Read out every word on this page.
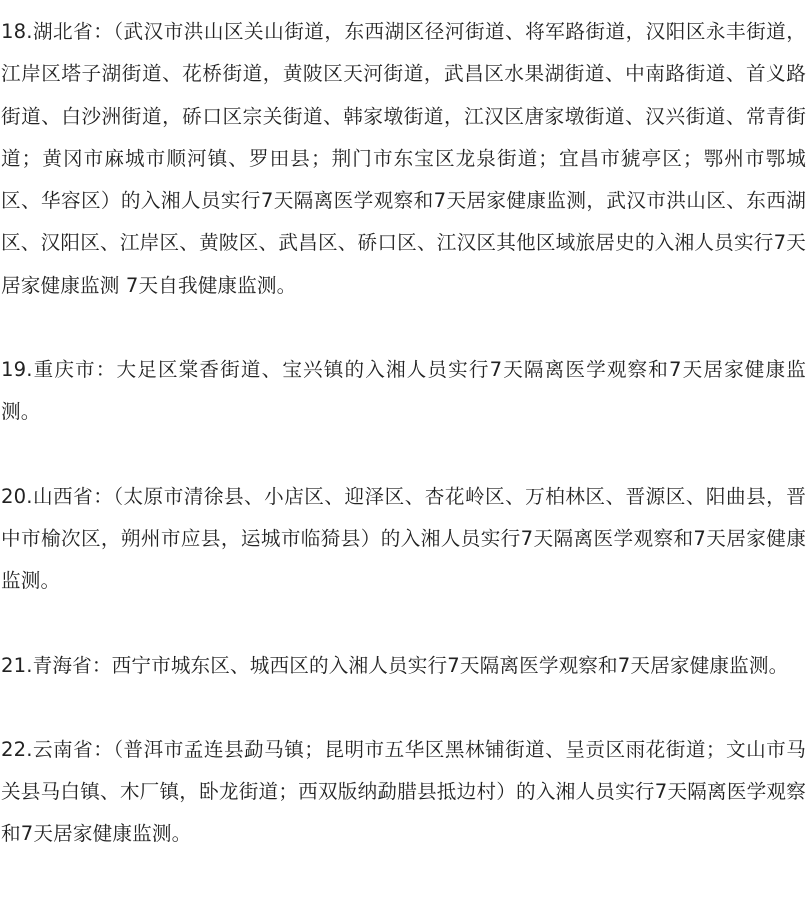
18.湖北省：（武汉市洪山区关山街道，东西湖区径河街道、将军路街道，汉阳区永丰街道，江岸区塔子湖街道、花桥街道，黄陂区天河街道，武昌区水果湖街道、中南路街道、首义路街道、白沙洲街道，硚口区宗关街道、韩家墩街道，江汉区唐家墩街道、汉兴街道、常青街道；黄冈市麻城市顺河镇、罗田县；荆门市东宝区龙泉街道；宜昌市猇亭区；鄂州市鄂城区、华容区）的入湘人员实行7天隔离医学观察和7天居家健康监测，武汉市洪山区、东西湖区、汉阳区、江岸区、黄陂区、武昌区、硚口区、江汉区其他区域旅居史的入湘人员实行7天居家健康监测 7天自我健康监测。

19.重庆市：大足区棠香街道、宝兴镇的入湘人员实行7天隔离医学观察和7天居家健康监测。

20.山西省：（太原市清徐县、小店区、迎泽区、杏花岭区、万柏林区、晋源区、阳曲县，晋中市榆次区，朔州市应县，运城市临猗县）的入湘人员实行7天隔离医学观察和7天居家健康监测。

21.青海省：西宁市城东区、城西区的入湘人员实行7天隔离医学观察和7天居家健康监测。

22.云南省：（普洱市孟连县勐马镇；昆明市五华区黑林铺街道、呈贡区雨花街道；文山市马关县马白镇、木厂镇，卧龙街道；西双版纳勐腊县抵边村）的入湘人员实行7天隔离医学观察和7天居家健康监测。
